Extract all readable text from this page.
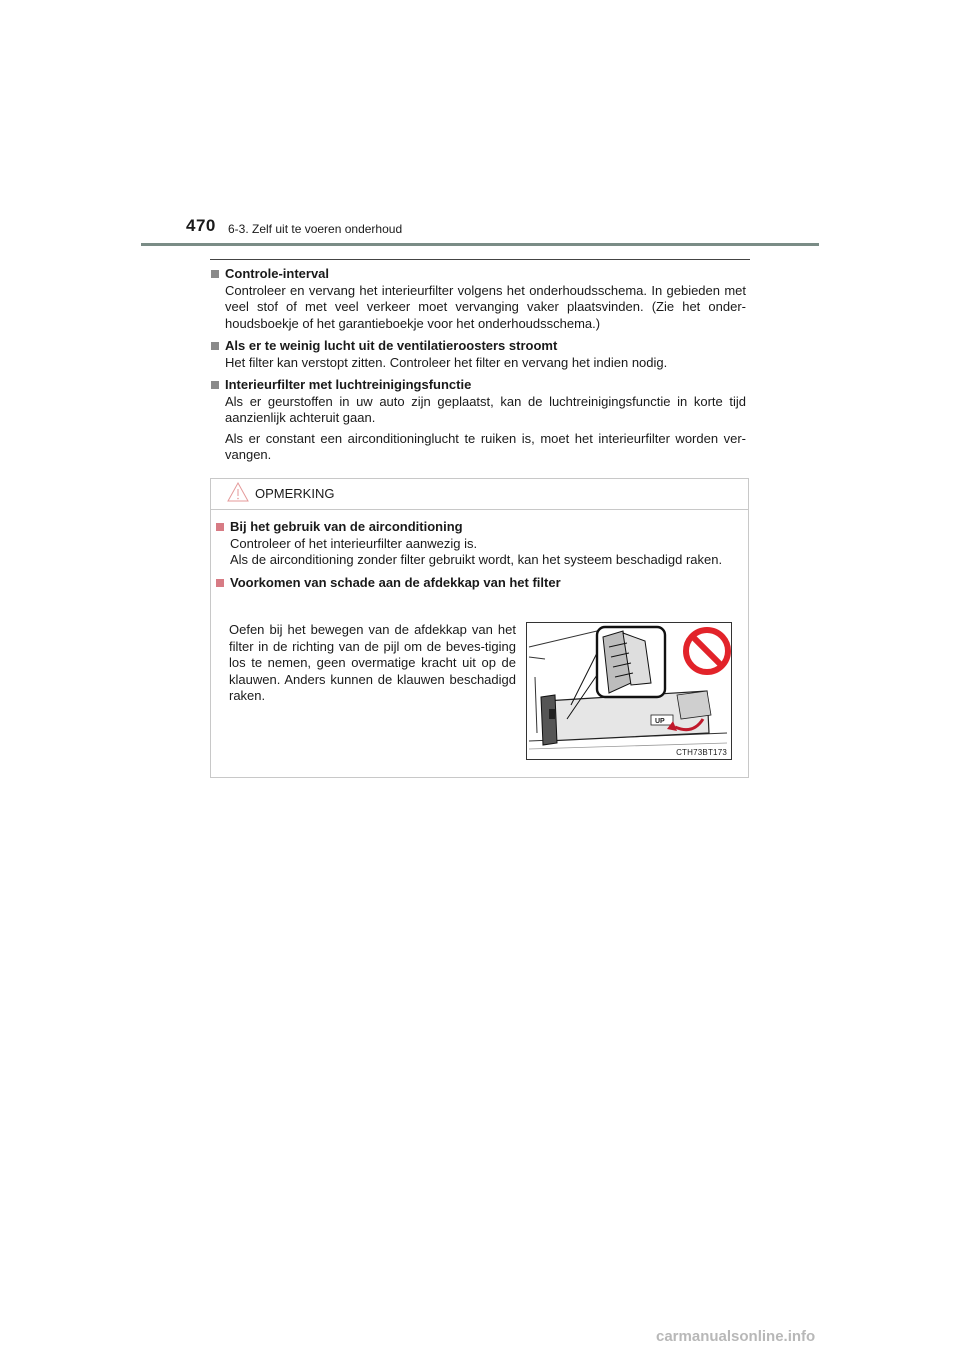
470 6-3. Zelf uit te voeren onderhoud
Controle-interval
Controleer en vervang het interieurfilter volgens het onderhoudsschema. In gebieden met veel stof of met veel verkeer moet vervanging vaker plaatsvinden. (Zie het onder-houdsboekje of het garantieboekje voor het onderhoudsschema.)
Als er te weinig lucht uit de ventilatieroosters stroomt
Het filter kan verstopt zitten. Controleer het filter en vervang het indien nodig.
Interieurfilter met luchtreinigingsfunctie
Als er geurstoffen in uw auto zijn geplaatst, kan de luchtreinigingsfunctie in korte tijd aanzienlijk achteruit gaan.
Als er constant een airconditioninglucht te ruiken is, moet het interieurfilter worden ver-vangen.
OPMERKING
Bij het gebruik van de airconditioning
Controleer of het interieurfilter aanwezig is.
Als de airconditioning zonder filter gebruikt wordt, kan het systeem beschadigd raken.
Voorkomen van schade aan de afdekkap van het filter
Oefen bij het bewegen van de afdekkap van het filter in de richting van de pijl om de beves-tiging los te nemen, geen overmatige kracht uit op de klauwen. Anders kunnen de klauwen beschadigd raken.
UP
CTH73BT173
carmanualsonline.info
